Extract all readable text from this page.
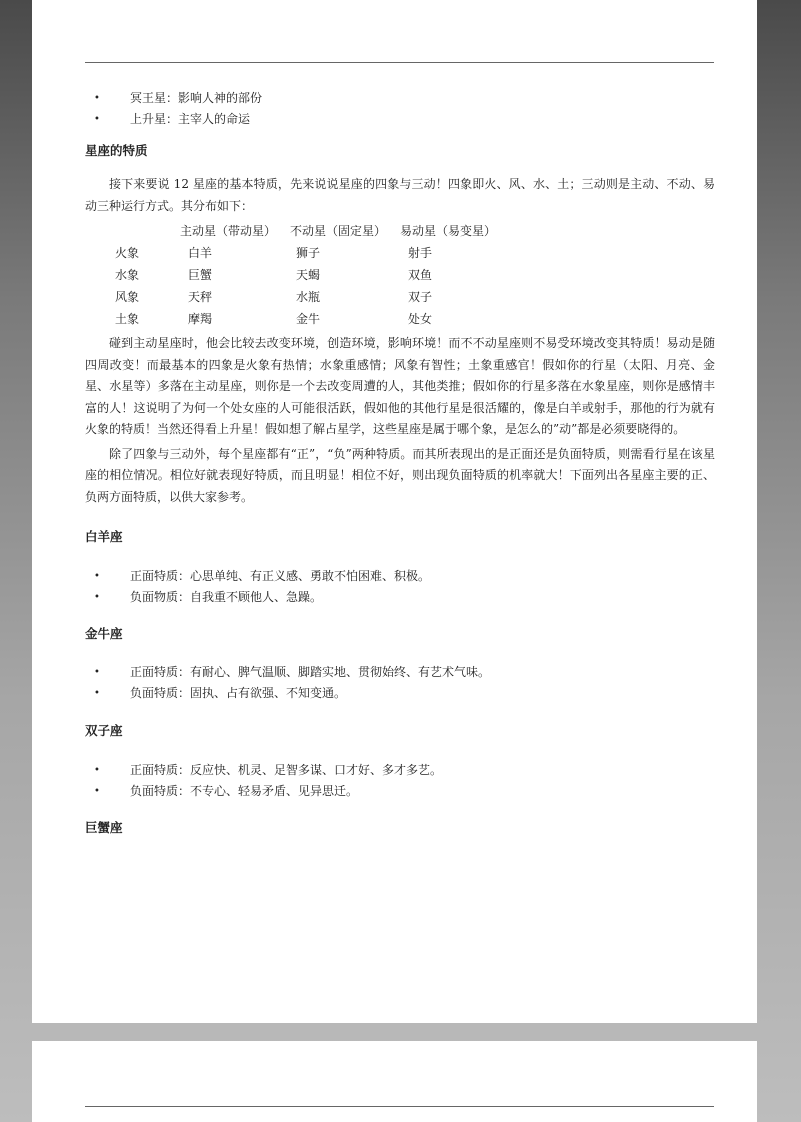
•	冥王星：影响人神的部份
•	上升星：主宰人的命运
星座的特质

接下来要说 12 星座的基本特质，先来说说星座的四象与三动！四象即火、风、水、土；三动则是主动、不动、易动三种运行方式。其分布如下：

	主动星（带动星）	不动星（固定星）	易动星（易变星）
火象	白羊	狮子	射手
水象	巨蟹	天蝎	双鱼
风象	天秤	水瓶	双子
土象	摩羯	金牛	处女

碰到主动星座时，他会比较去改变环境，创造环境，影响环境！而不不动星座则不易受环境改变其特质！易动是随四周改变！而最基本的四象是火象有热情；水象重感情；风象有智性；土象重感官！假如你的行星（太阳、月亮、金星、水星等）多落在主动星座，则你是一个去改变周遭的人，其他类推；假如你的行星多落在水象星座，则你是感情丰富的人！这说明了为何一个处女座的人可能很活跃，假如他的其他行星是很活耀的，像是白羊或射手，那他的行为就有火象的特质！当然还得看上升星！假如想了解占星学，这些星座是属于哪个象，是怎么的”动”都是必须要晓得的。

除了四象与三动外，每个星座都有“正”，“负”两种特质。而其所表现出的是正面还是负面特质，则需看行星在该星座的相位情况。相位好就表现好特质，而且明显！相位不好，则出现负面特质的机率就大！下面列出各星座主要的正、负两方面特质，以供大家参考。

白羊座
•	正面特质：心思单纯、有正义感、勇敢不怕困难、积极。
•	负面物质：自我重不顾他人、急躁。
金牛座
•	正面特质：有耐心、脾气温顺、脚踏实地、贯彻始终、有艺术气味。
•	负面特质：固执、占有欲强、不知变通。
双子座
•	正面特质：反应快、机灵、足智多谋、口才好、多才多艺。
•	负面特质：不专心、轻易矛盾、见异思迁。
巨蟹座
